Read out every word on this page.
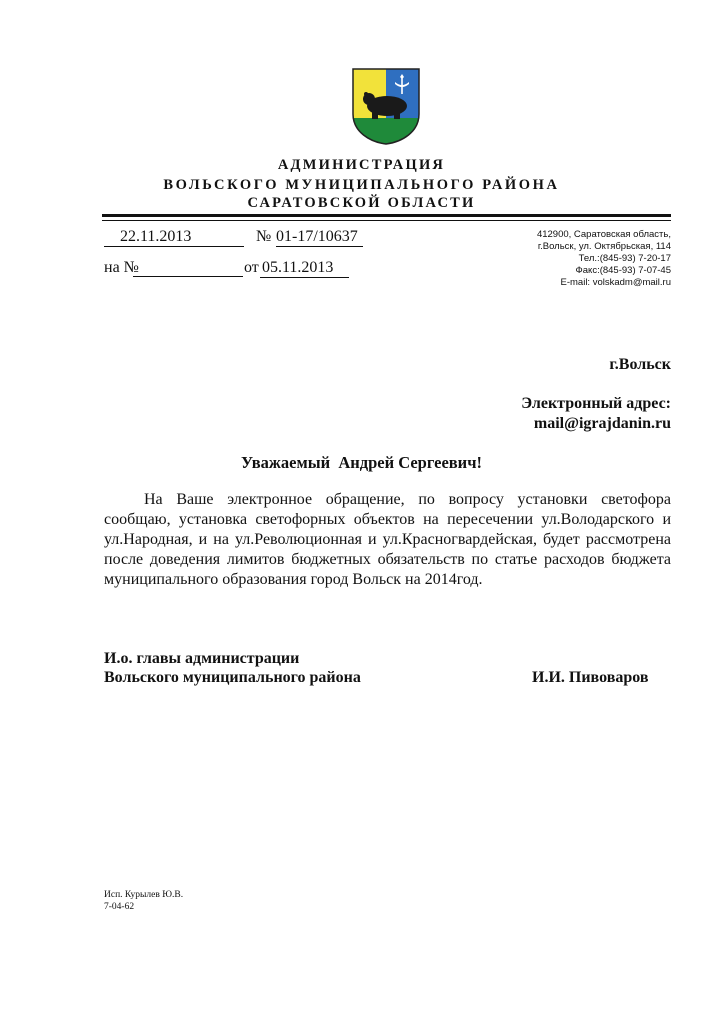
АДМИНИСТРАЦИЯ
ВОЛЬСКОГО МУНИЦИПАЛЬНОГО РАЙОНА
САРАТОВСКОЙ ОБЛАСТИ
22.11.2013	№ 01-17/10637
на №	от 05.11.2013
412900, Саратовская область,
г.Вольск, ул. Октябрьская, 114
Тел.:(845-93) 7-20-17
Факс:(845-93) 7-07-45
E-mail: volskadm@mail.ru
г.Вольск
Электронный адрес:
mail@igrajdanin.ru
Уважаемый  Андрей Сергеевич!
На Ваше электронное обращение, по вопросу установки светофора сообщаю, установка светофорных объектов на пересечении ул.Володарского и ул.Народная, и на ул.Революционная и ул.Красногвардейская, будет рассмотрена после доведения лимитов бюджетных обязательств по статье расходов бюджета муниципального образования город Вольск на 2014год.
И.о. главы администрации
Вольского муниципального района	И.И. Пивоваров
Исп. Курылев Ю.В.
7-04-62
